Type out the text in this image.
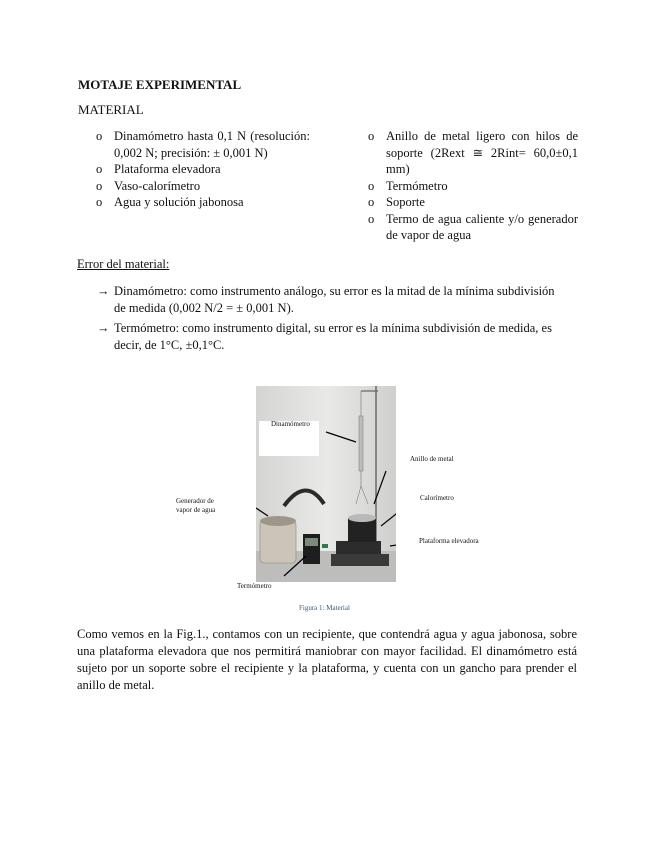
MOTAJE EXPERIMENTAL
MATERIAL
o Dinamómetro hasta 0,1 N (resolución: 0,002 N; precisión: ± 0,001 N)
o Plataforma elevadora
o Vaso-calorímetro
o Agua y solución jabonosa
o Anillo de metal ligero con hilos de soporte (2Rext ≅ 2Rint= 60,0±0,1 mm)
o Termómetro
o Soporte
o Termo de agua caliente y/o generador de vapor de agua
Error del material:
→ Dinamómetro: como instrumento análogo, su error es la mitad de la mínima subdivisión de medida (0,002 N/2 = ± 0,001 N).
→ Termómetro: como instrumento digital, su error es la mínima subdivisión de medida, es decir, de 1°C, ±0,1°C.
Dinamómetro
Anillo de metal
Generador de
vapor de agua
Calorímetro
Plataforma elevadora
Termómetro
Figura 1: Material
Como vemos en la Fig.1., contamos con un recipiente, que contendrá agua y agua jabonosa, sobre una plataforma elevadora que nos permitirá maniobrar con mayor facilidad. El dinamómetro está sujeto por un soporte sobre el recipiente y la plataforma, y cuenta con un gancho para prender el anillo de metal.
